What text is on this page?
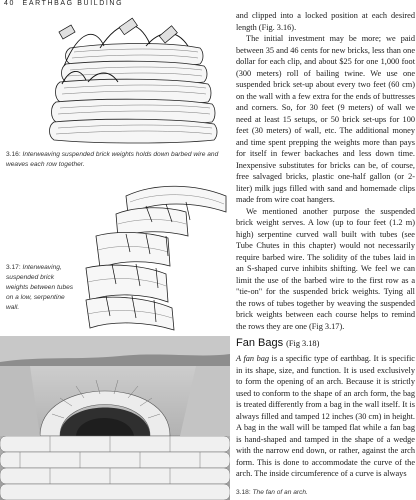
40 EARTHBAG BUILDING
3.16: Interweaving suspended brick weights holds down barbed wire and weaves each row together.
3.17: Interweaving, suspended brick weights between tubes on a low, serpentine wall.
3.18: The fan of an arch.

and clipped into a locked position at each desired length (Fig. 3.16).

The initial investment may be more; we paid between 35 and 46 cents for new bricks, less than one dollar for each clip, and about $25 for one 1,000 foot (300 meters) roll of bailing twine. We use one suspended brick set-up about every two feet (60 cm) on the wall with a few extra for the ends of buttresses and corners. So, for 30 feet (9 meters) of wall we need at least 15 setups, or 50 brick set-ups for 100 feet (30 meters) of wall, etc. The additional money and time spent prepping the weights more than pays for itself in fewer backaches and less down time. Inexpensive substitutes for bricks can be, of course, free salvaged bricks, plastic one-half gallon (or 2-liter) milk jugs filled with sand and homemade clips made from wire coat hangers.

We mentioned another purpose the suspended brick weight serves. A low (up to four feet (1.2 m) high) serpentine curved wall built with tubes (see Tube Chutes in this chapter) would not necessarily require barbed wire. The solidity of the tubes laid in an S-shaped curve inhibits shifting. We feel we can limit the use of the barbed wire to the first row as a "tie-on" for the suspended brick weights. Tying all the rows of tubes together by weaving the suspended brick weights between each course helps to remind the rows they are one (Fig 3.17).

Fan Bags (Fig 3.18)

A fan bag is a specific type of earthbag. It is specific in its shape, size, and function. It is used exclusively to form the opening of an arch. Because it is strictly used to conform to the shape of an arch form, the bag is treated differently from a bag in the wall itself. It is always filled and tamped 12 inches (30 cm) in height. A bag in the wall will be tamped flat while a fan bag is hand-shaped and tamped in the shape of a wedge with the narrow end down, or rather, against the arch form. This is done to accommodate the curve of the arch. The inside circumference of a curve is always
